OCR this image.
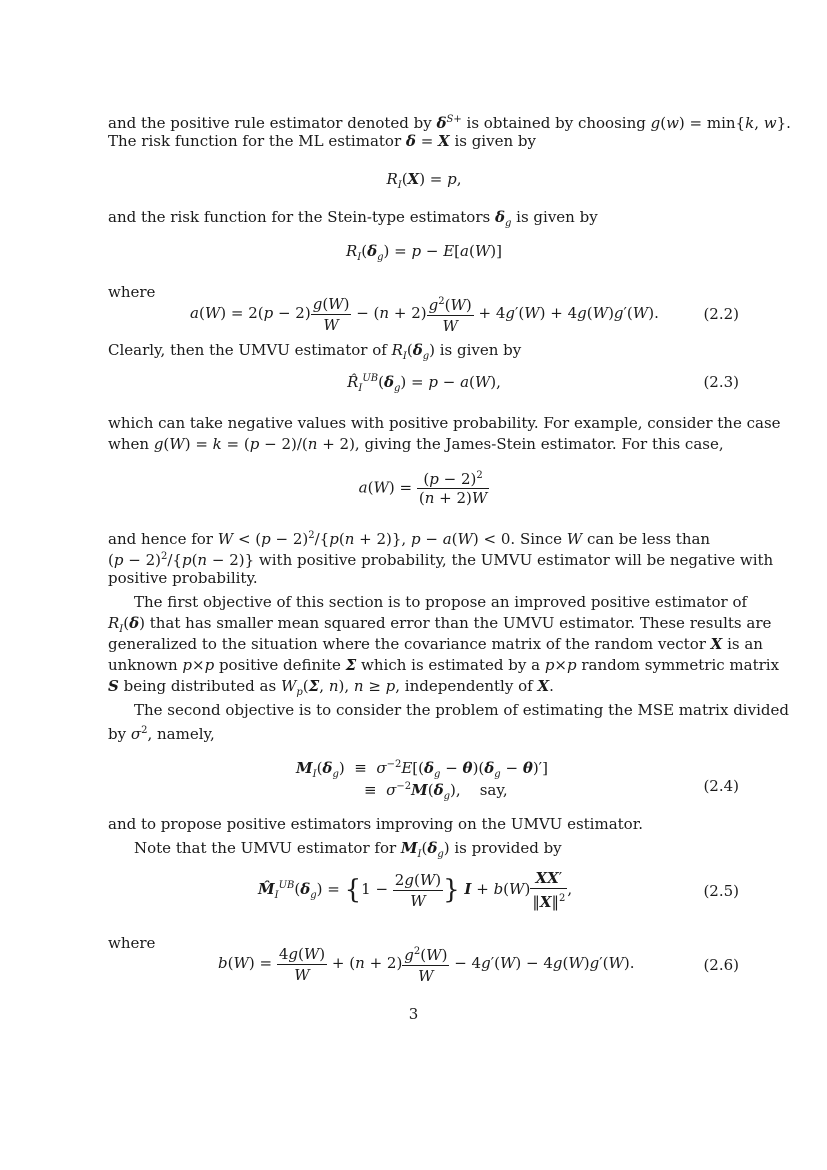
and the positive rule estimator denoted by $\delta^{S+}$ is obtained by choosing g(w) = min{k, w}.
The risk function for the ML estimator δ = X is given by
$R_I(X) = p$,
and the risk function for the Stein-type estimators $\delta_g$ is given by
$R_I(\delta_g) = p - E[a(W)]$
where
$a(W) = 2(p - 2) \frac{g(W)}{W} - (n + 2) \frac{g^2(W)}{W} + 4g'(W) + 4g(W)g'(W)$.	(2.2)
Clearly, then the UMVU estimator of $R_I(\delta_g)$ is given by
$R̂_I^{UB}(\delta_g) = p - a(W)$,	(2.3)
which can take negative values with positive probability. For example, consider the case
when g(W) = k = (p − 2)/(n + 2), giving the James-Stein estimator. For this case,
$a(W) = \frac{(p - 2)^2}{(n + 2)W}$
and hence for $W < (p - 2)^2/\{p(n + 2)\}$, p − a(W) < 0. Since W can be less than
$(p - 2)^2/\{p(n - 2)\}$ with positive probability, the UMVU estimator will be negative with
positive probability.
The first objective of this section is to propose an improved positive estimator of
$R_I(\delta)$ that has smaller mean squared error than the UMVU estimator. These results are
generalized to the situation where the covariance matrix of the random vector X is an
unknown p×p positive definite Σ which is estimated by a p×p random symmetric matrix
S being distributed as $W_p(\Sigma$, n), n ≥ p, independently of X.
The second objective is to consider the problem of estimating the MSE matrix divided
by $\sigma^2$, namely,
$M_I(\delta_g) \equiv \sigma^{-2}E[(\delta_g - \theta)(\delta_g - \theta)']$
≡  $\sigma^{-2}M(\delta_g)$,    say,	(2.4)
and to propose positive estimators improving on the UMVU estimator.
Note that the UMVU estimator for $M_I(\delta_g)$ is provided by
$M̂_I^{UB}(\delta_g) = \{1 - \frac{2g(W)}{W}$ } $I + b(W) \frac{XX'}{‖X‖^2}$ ,	(2.5)
where
$b(W) = \frac{4g(W)}{W} + (n + 2) \frac{g^2(W)}{W} - 4g'(W) - 4g(W)g'(W)$.	(2.6)
3
